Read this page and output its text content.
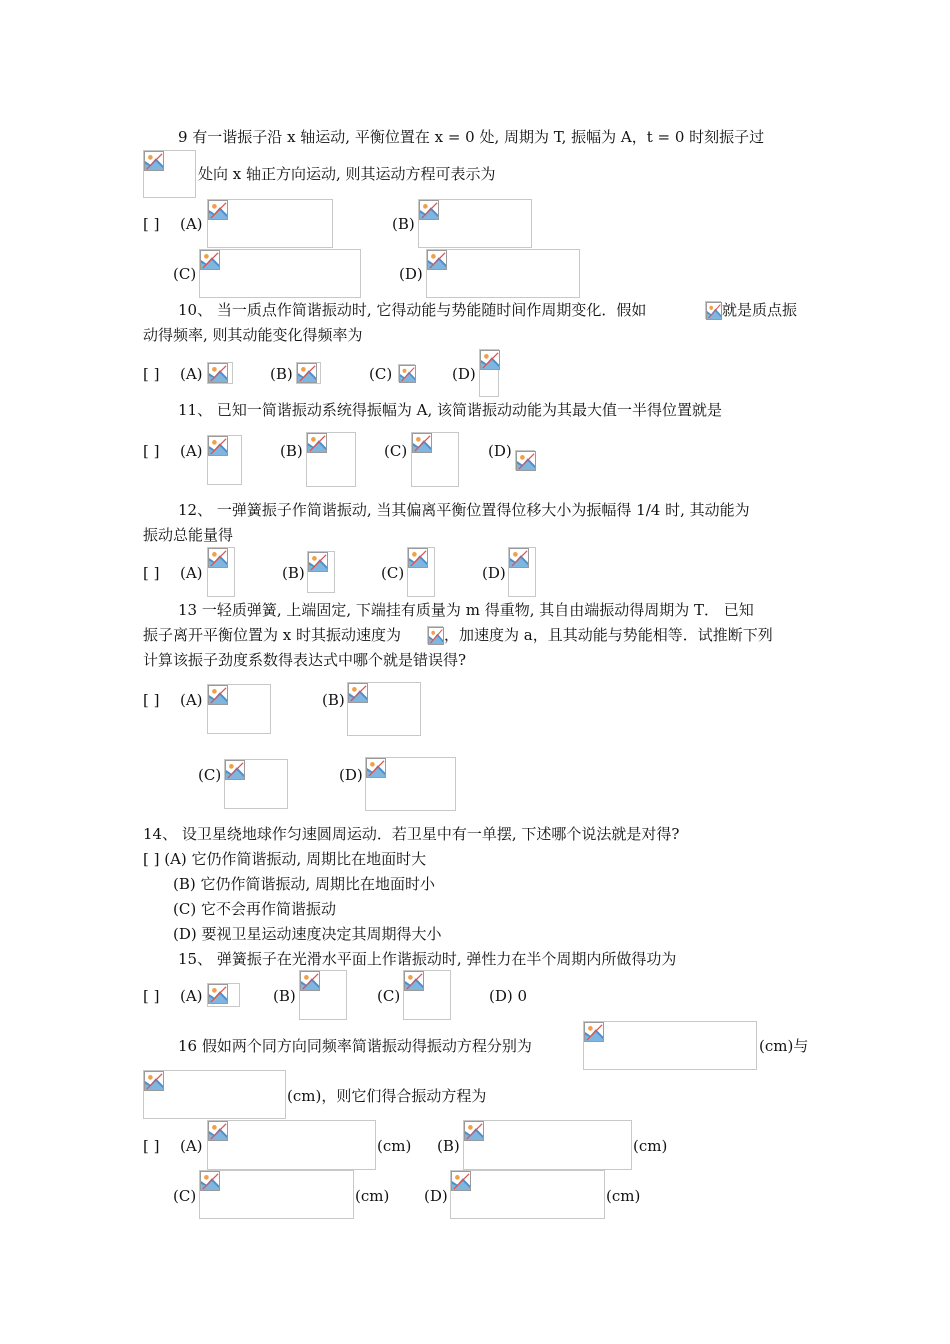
9 有一谐振子沿 x 轴运动, 平衡位置在 x = 0 处, 周期为 T, 振幅为 A，t = 0 时刻振子过
处向 x 轴正方向运动, 则其运动方程可表示为
[ ] (A)	(B)
(C)	(D)
10、 当一质点作简谐振动时, 它得动能与势能随时间作周期变化．假如	就是质点振
动得频率, 则其动能变化得频率为
[ ] (A)	(B)	(C)	(D)
11、 已知一简谐振动系统得振幅为 A, 该简谐振动动能为其最大值一半得位置就是
[ ] (A)	(B)	(C)	(D)
12、 一弹簧振子作简谐振动, 当其偏离平衡位置得位移大小为振幅得 1/4 时, 其动能为
振动总能量得
[ ] (A)	(B)	(C)	(D)
13 一轻质弹簧, 上端固定, 下端挂有质量为 m 得重物, 其自由端振动得周期为 T． 已知
振子离开平衡位置为 x 时其振动速度为	，加速度为 a，且其动能与势能相等．试推断下列
计算该振子劲度系数得表达式中哪个就是错误得?
[ ] (A)	(B)
(C)	(D)
14、 设卫星绕地球作匀速圆周运动．若卫星中有一单摆, 下述哪个说法就是对得?
[ ] (A) 它仍作简谐振动, 周期比在地面时大
(B) 它仍作简谐振动, 周期比在地面时小
(C) 它不会再作简谐振动
(D) 要视卫星运动速度决定其周期得大小
15、 弹簧振子在光滑水平面上作谐振动时, 弹性力在半个周期内所做得功为
[ ] (A)	(B)	(C)	(D) 0
16 假如两个同方向同频率简谐振动得振动方程分别为	(cm)与
(cm)，则它们得合振动方程为
[ ] (A)	(cm) (B)	(cm)
(C)	(cm) (D)	(cm)
